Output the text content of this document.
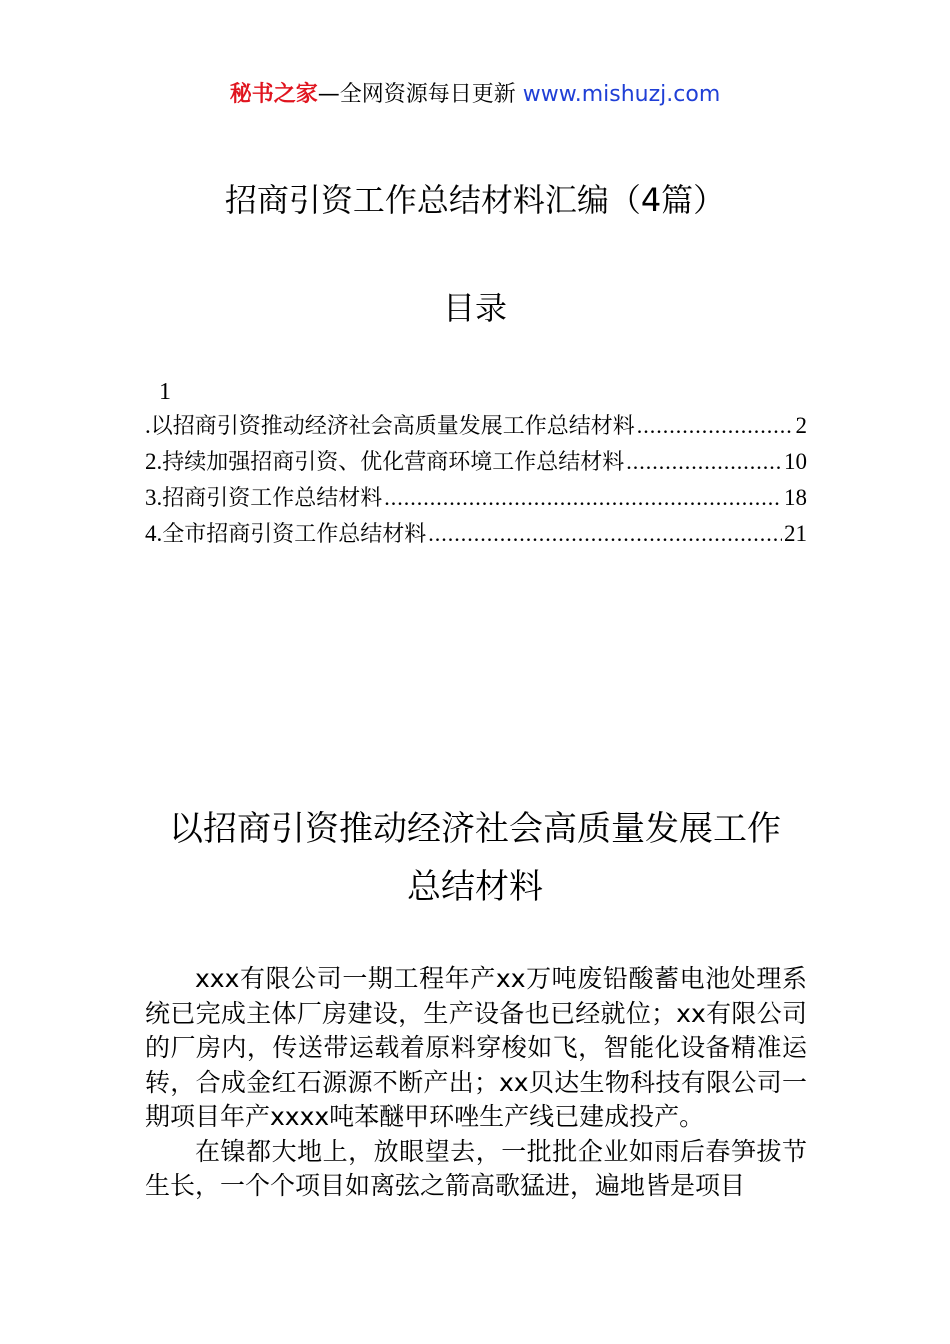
秘书之家—全网资源每日更新 www.mishuzj.com
招商引资工作总结材料汇编（4篇）
目录
1
. 以招商引资推动经济社会高质量发展工作总结材料 .....	2
2. 持续加强招商引资、优化营商环境工作总结材料 .....	10
3. 招商引资工作总结材料 .....	18
4. 全市招商引资工作总结材料 .....	21
以招商引资推动经济社会高质量发展工作
总结材料

xxx有限公司一期工程年产xx万吨废铅酸蓄电池处理系统已完成主体厂房建设，生产设备也已经就位；xx有限公司的厂房内，传送带运载着原料穿梭如飞，智能化设备精准运转，合成金红石源源不断产出；xx贝达生物科技有限公司一期项目年产xxxx吨苯醚甲环唑生产线已建成投产。

在镍都大地上，放眼望去，一批批企业如雨后春笋拔节生长，一个个项目如离弦之箭高歌猛进，遍地皆是项目
